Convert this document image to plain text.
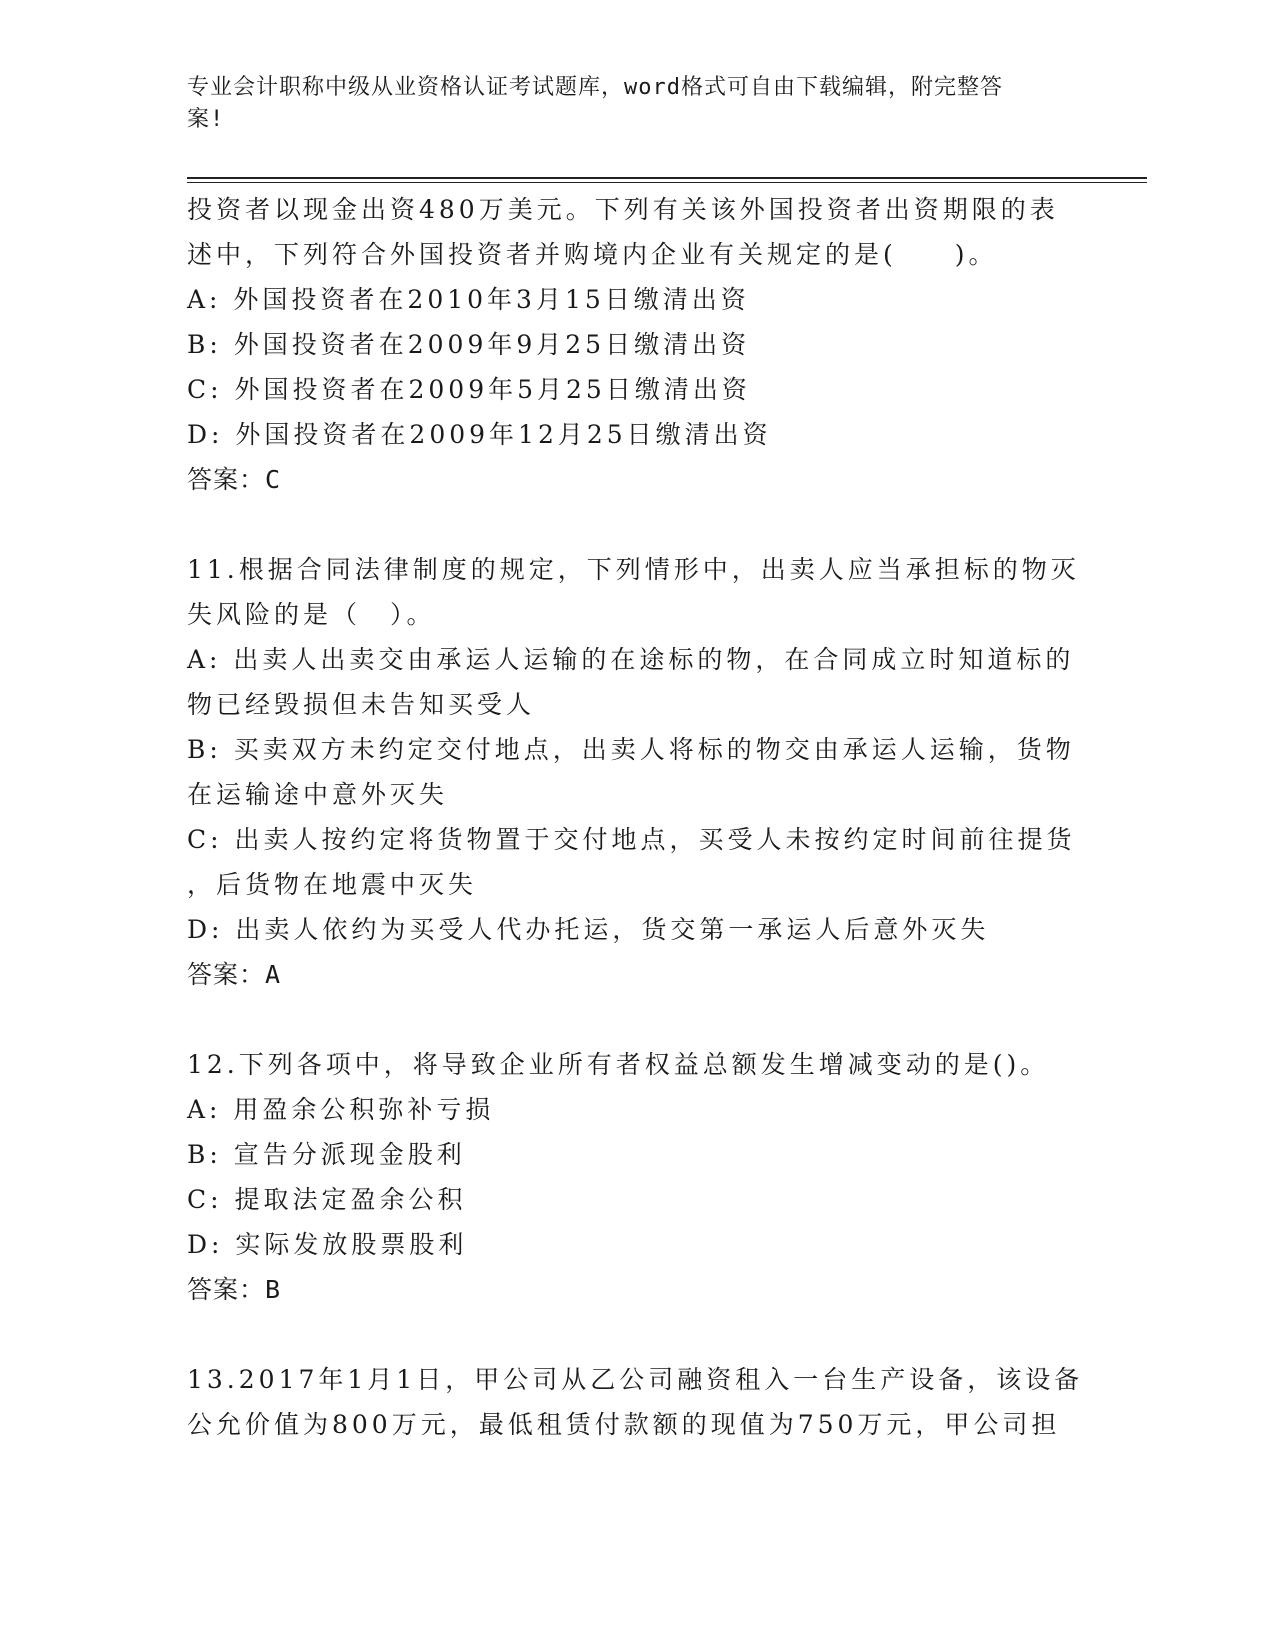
专业会计职称中级从业资格认证考试题库，word格式可自由下载编辑，附完整答
案!

投资者以现金出资480万美元。下列有关该外国投资者出资期限的表

述中，下列符合外国投资者并购境内企业有关规定的是(　　)。

A: 外国投资者在2010年3月15日缴清出资

B: 外国投资者在2009年9月25日缴清出资

C: 外国投资者在2009年5月25日缴清出资

D: 外国投资者在2009年12月25日缴清出资

答案：C

11.根据合同法律制度的规定，下列情形中，出卖人应当承担标的物灭

失风险的是（　）。

A: 出卖人出卖交由承运人运输的在途标的物，在合同成立时知道标的

物已经毁损但未告知买受人

B: 买卖双方未约定交付地点，出卖人将标的物交由承运人运输，货物

在运输途中意外灭失

C: 出卖人按约定将货物置于交付地点，买受人未按约定时间前往提货

，后货物在地震中灭失

D: 出卖人依约为买受人代办托运，货交第一承运人后意外灭失

答案：A

12.下列各项中，将导致企业所有者权益总额发生增减变动的是()。

A: 用盈余公积弥补亏损

B: 宣告分派现金股利

C: 提取法定盈余公积

D: 实际发放股票股利

答案：B

13.2017年1月1日，甲公司从乙公司融资租入一台生产设备，该设备

公允价值为800万元，最低租赁付款额的现值为750万元，甲公司担
